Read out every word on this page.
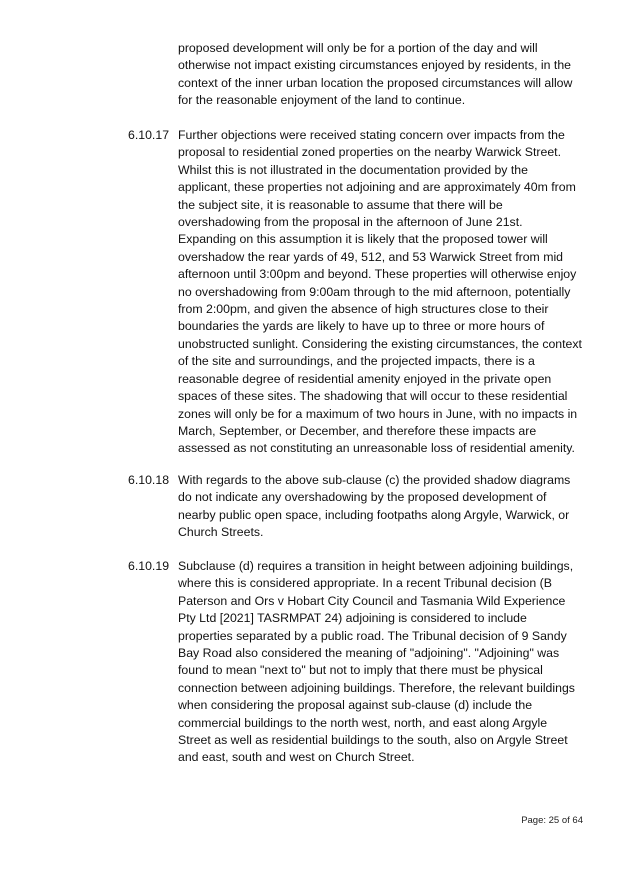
proposed development will only be for a portion of the day and will
otherwise not impact existing circumstances enjoyed by residents, in the
context of the inner urban location the proposed circumstances will allow
for the reasonable enjoyment of the land to continue.
6.10.17 Further objections were received stating concern over impacts from the
proposal to residential zoned properties on the nearby Warwick Street.
Whilst this is not illustrated in the documentation provided by the
applicant, these properties not adjoining and are approximately 40m from
the subject site, it is reasonable to assume that there will be
overshadowing from the proposal in the afternoon of June 21st.
Expanding on this assumption it is likely that the proposed tower will
overshadow the rear yards of 49, 512, and 53 Warwick Street from mid
afternoon until 3:00pm and beyond. These properties will otherwise enjoy
no overshadowing from 9:00am through to the mid afternoon, potentially
from 2:00pm, and given the absence of high structures close to their
boundaries the yards are likely to have up to three or more hours of
unobstructed sunlight. Considering the existing circumstances, the context
of the site and surroundings, and the projected impacts, there is a
reasonable degree of residential amenity enjoyed in the private open
spaces of these sites. The shadowing that will occur to these residential
zones will only be for a maximum of two hours in June, with no impacts in
March, September, or December, and therefore these impacts are
assessed as not constituting an unreasonable loss of residential amenity.
6.10.18 With regards to the above sub-clause (c) the provided shadow diagrams
do not indicate any overshadowing by the proposed development of
nearby public open space, including footpaths along Argyle, Warwick, or
Church Streets.
6.10.19 Subclause (d) requires a transition in height between adjoining buildings,
where this is considered appropriate. In a recent Tribunal decision (B
Paterson and Ors v Hobart City Council and Tasmania Wild Experience
Pty Ltd [2021] TASRMPAT 24) adjoining is considered to include
properties separated by a public road. The Tribunal decision of 9 Sandy
Bay Road also considered the meaning of "adjoining". "Adjoining" was
found to mean "next to" but not to imply that there must be physical
connection between adjoining buildings. Therefore, the relevant buildings
when considering the proposal against sub-clause (d) include the
commercial buildings to the north west, north, and east along Argyle
Street as well as residential buildings to the south, also on Argyle Street
and east, south and west on Church Street.
Page: 25 of 64
